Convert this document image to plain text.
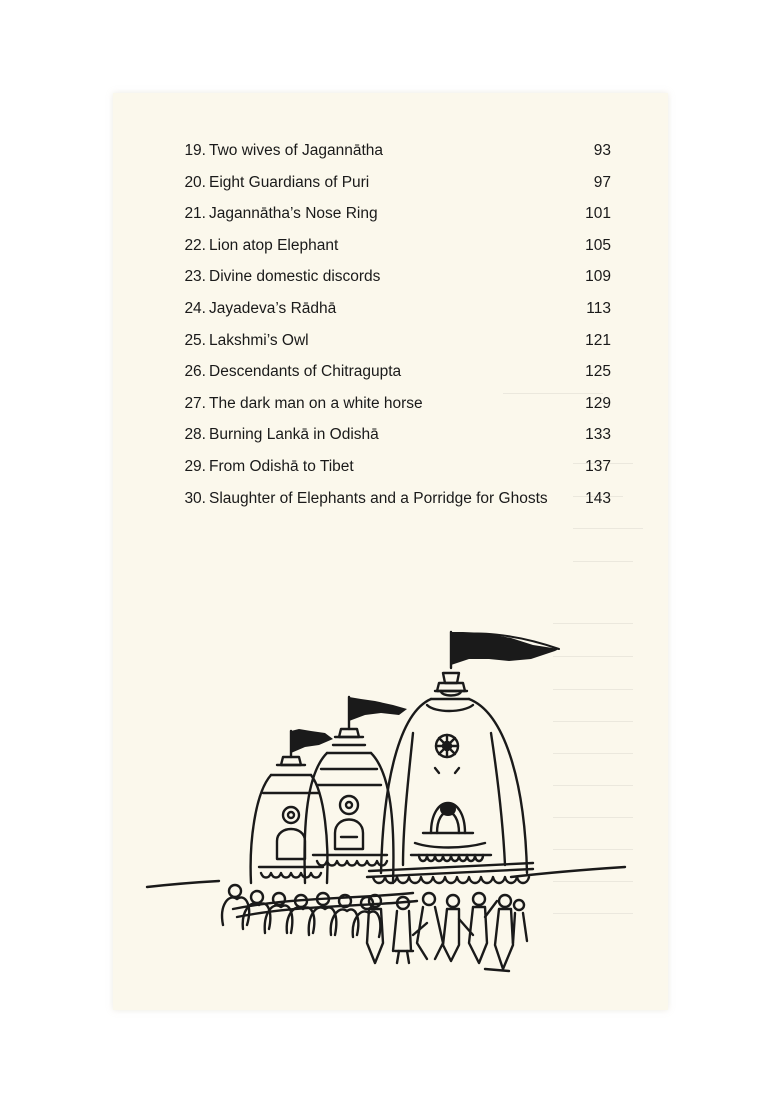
19. Two wives of Jagannātha	93
20. Eight Guardians of Puri	97
21. Jagannātha’s Nose Ring	101
22. Lion atop Elephant	105
23. Divine domestic discords	109
24. Jayadeva’s Rādhā	113
25. Lakshmi’s Owl	121
26. Descendants of Chitragupta	125
27. The dark man on a white horse	129
28. Burning Lankā in Odishā	133
29. From Odishā to Tibet	137
30. Slaughter of Elephants and a Porridge for Ghosts 143
